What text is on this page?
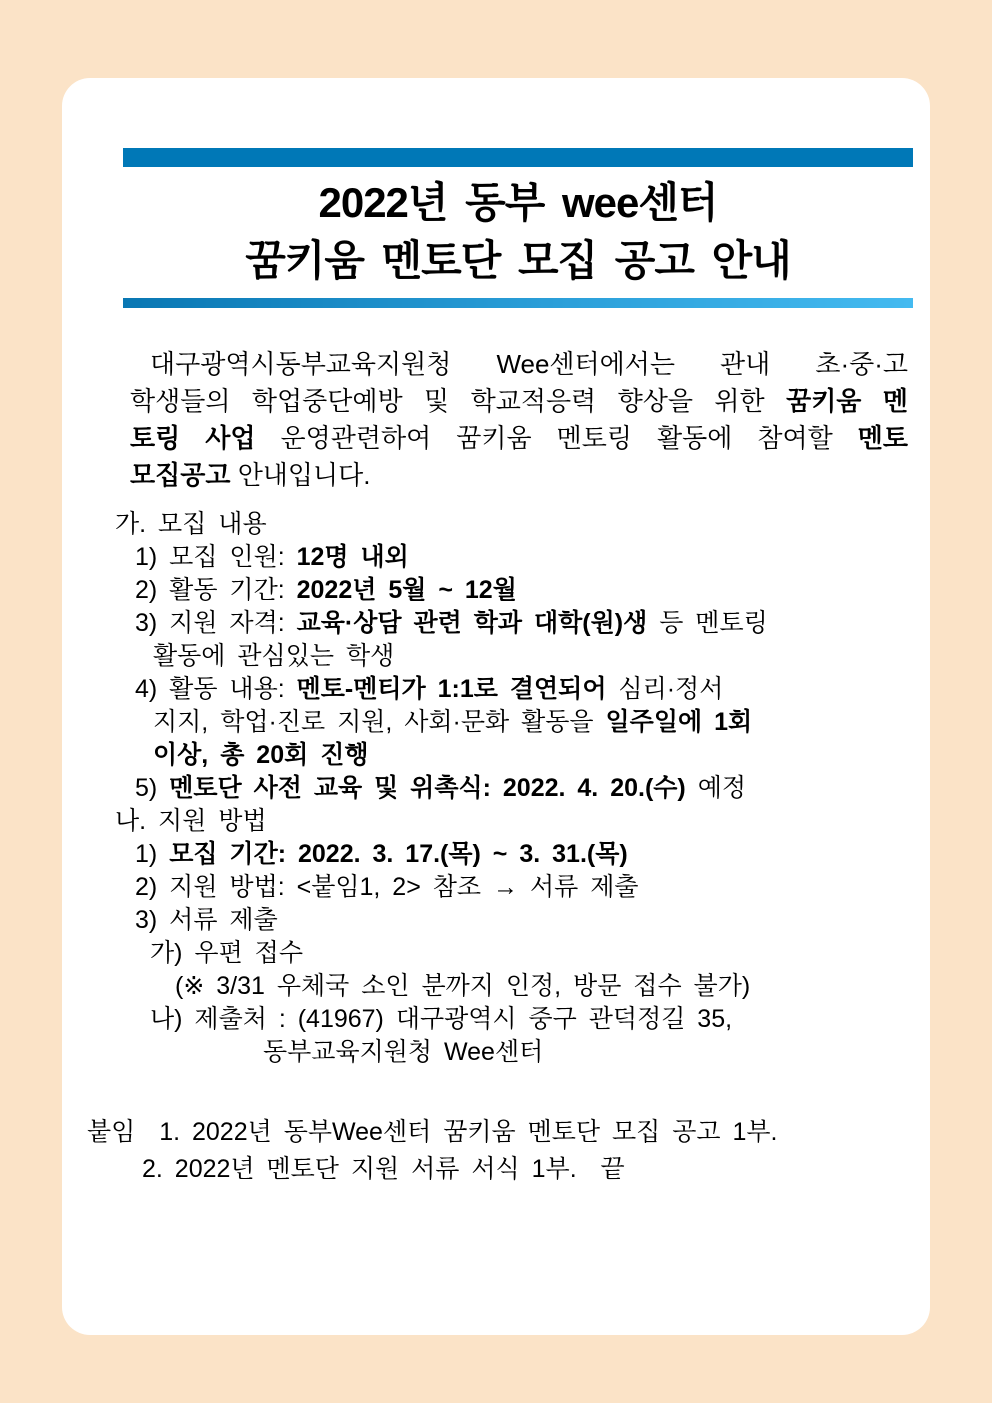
2022년 동부 wee센터
꿈키움 멘토단 모집 공고 안내
대구광역시동부교육지원청 Wee센터에서는 관내 초·중·고
학생들의 학업중단예방 및 학교적응력 향상을 위한 꿈키움 멘
토링 사업 운영관련하여 꿈키움 멘토링 활동에 참여할 멘토
모집공고 안내입니다.
가. 모집 내용
1) 모집 인원: 12명 내외
2) 활동 기간: 2022년 5월 ~ 12월
3) 지원 자격: 교육·상담 관련 학과 대학(원)생 등 멘토링
활동에 관심있는 학생
4) 활동 내용: 멘토-멘티가 1:1로 결연되어 심리·정서
지지, 학업·진로 지원, 사회·문화 활동을 일주일에 1회
이상, 총 20회 진행
5) 멘토단 사전 교육 및 위촉식: 2022. 4. 20.(수) 예정
나. 지원 방법
1) 모집 기간: 2022. 3. 17.(목) ~ 3. 31.(목)
2) 지원 방법: <붙임1, 2> 참조 → 서류 제출
3) 서류 제출
가) 우편 접수
(※ 3/31 우체국 소인 분까지 인정, 방문 접수 불가)
나) 제출처 : (41967) 대구광역시 중구 관덕정길 35,
동부교육지원청 Wee센터
붙임  1. 2022년 동부Wee센터 꿈키움 멘토단 모집 공고 1부.
2. 2022년 멘토단 지원 서류 서식 1부.  끝
